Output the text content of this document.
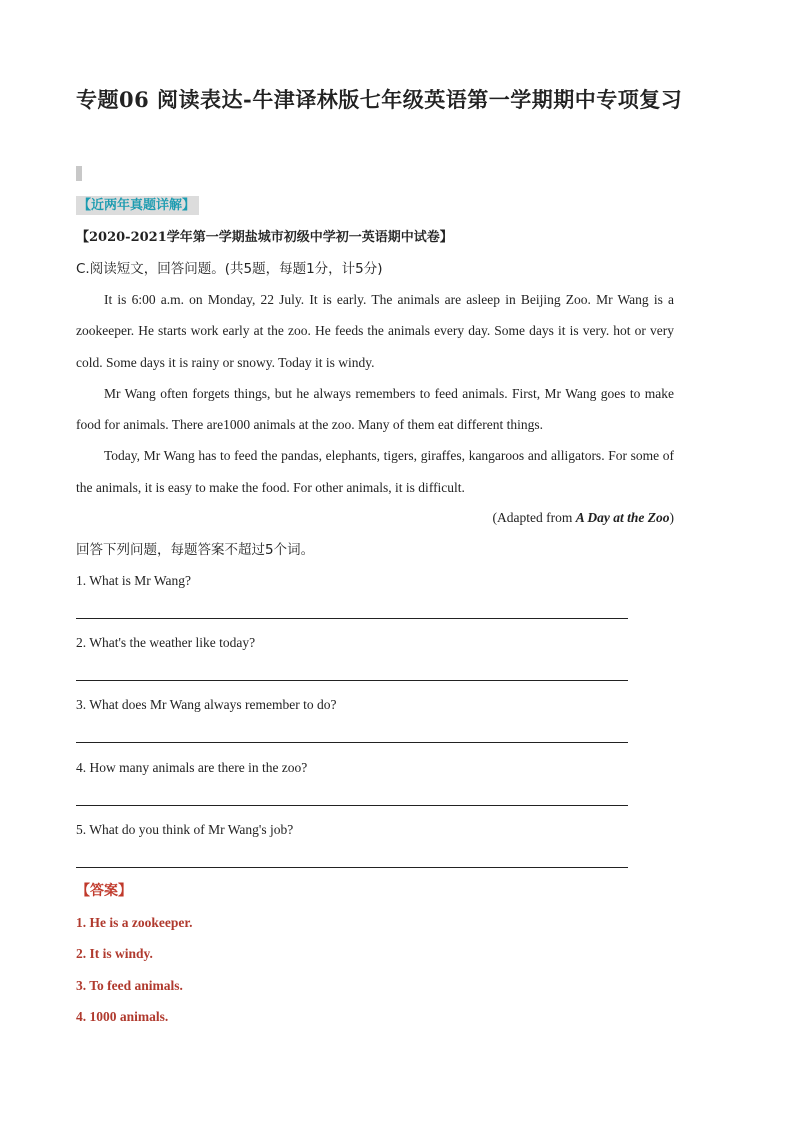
专题06 阅读表达-牛津译林版七年级英语第一学期期中专项复习
【近两年真题详解】
【2020-2021学年第一学期盐城市初级中学初一英语期中试卷】
C.阅读短文，回答问题。(共5题，每题1分，计5分)

It is 6:00 a.m. on Monday, 22 July. It is early. The animals are asleep in Beijing Zoo. Mr Wang is a zookeeper. He starts work early at the zoo. He feeds the animals every day. Some days it is very. hot or very cold. Some days it is rainy or snowy. Today it is windy.

Mr Wang often forgets things, but he always remembers to feed animals. First, Mr Wang goes to make food for animals. There are1000 animals at the zoo. Many of them eat different things.

Today, Mr Wang has to feed the pandas, elephants, tigers, giraffes, kangaroos and alligators. For some of the animals, it is easy to make the food. For other animals, it is difficult.

(Adapted from A Day at the Zoo)
回答下列问题，每题答案不超过5个词。
1. What is Mr Wang?
2. What's the weather like today?
3. What does Mr Wang always remember to do?
4. How many animals are there in the zoo?
5. What do you think of Mr Wang's job?
【答案】
1. He is a zookeeper.
2. It is windy.
3. To feed animals.
4. 1000 animals.
